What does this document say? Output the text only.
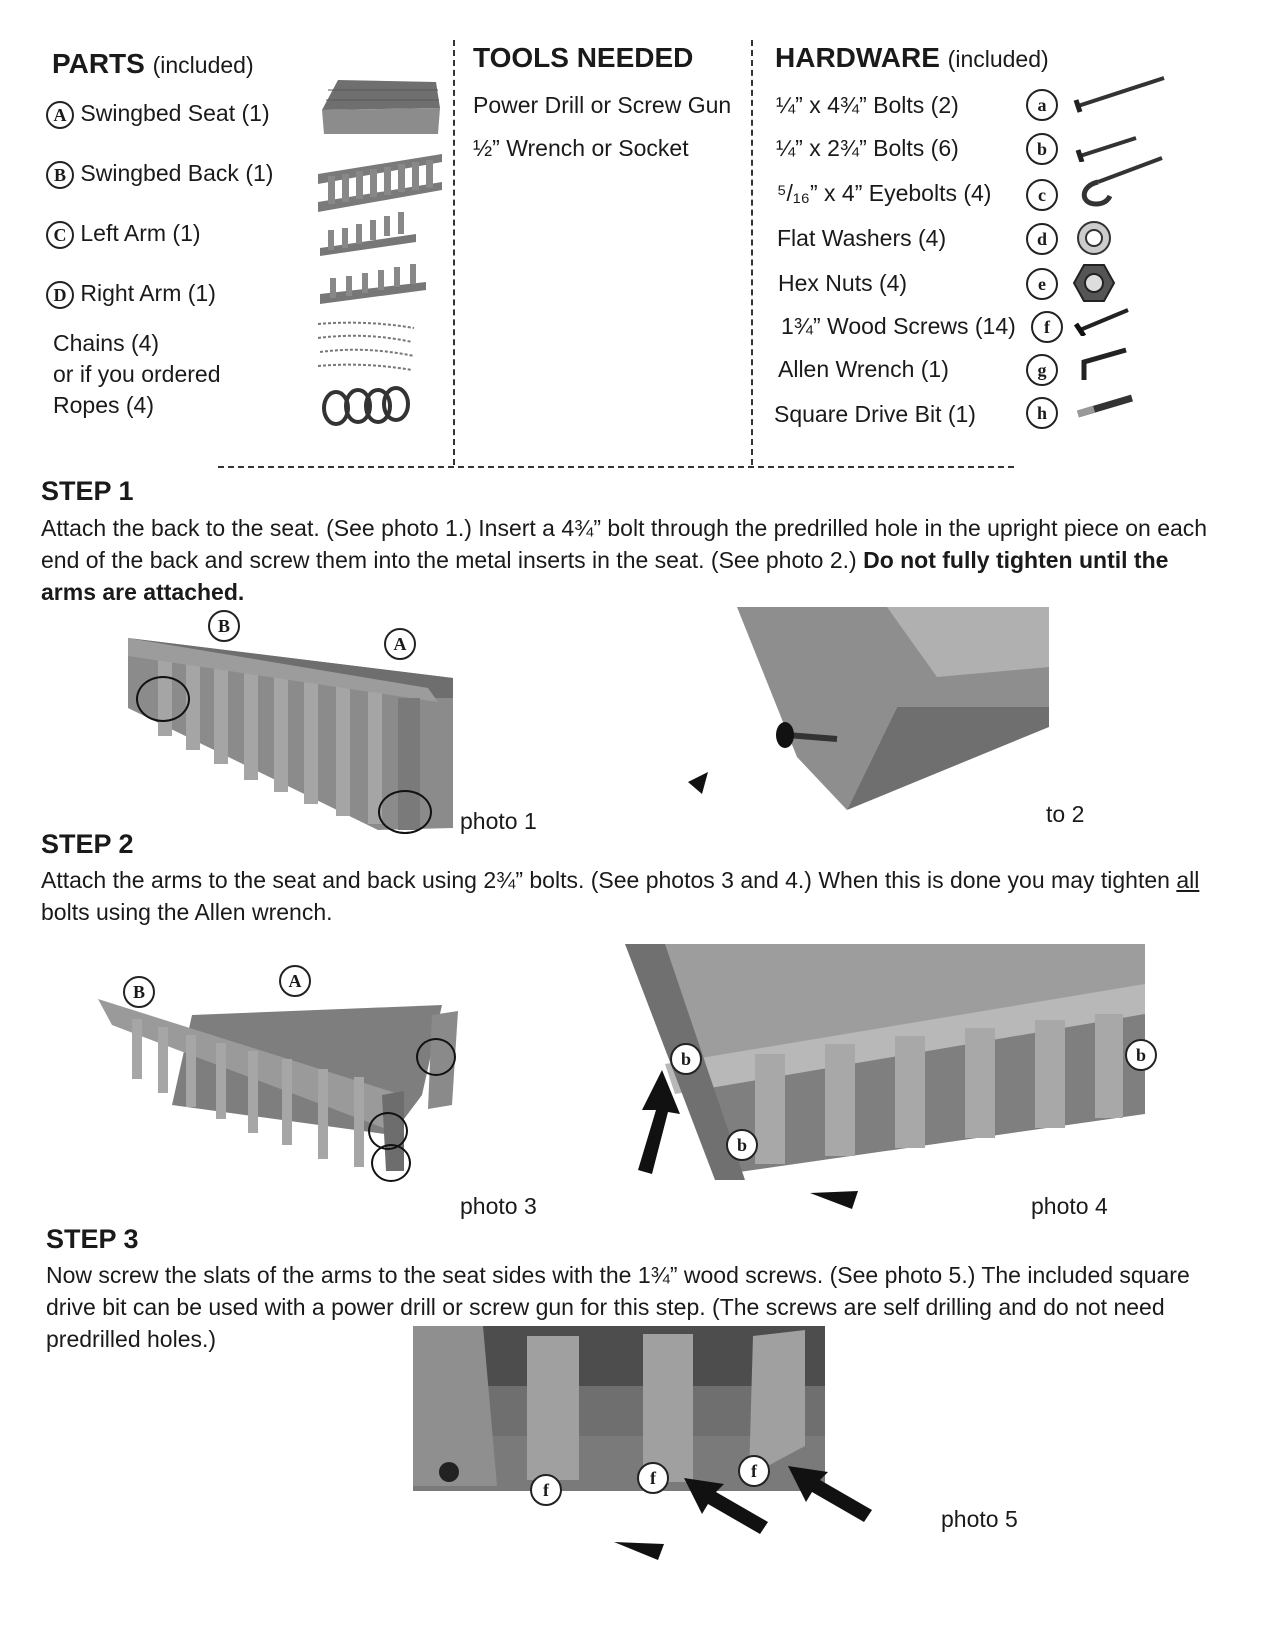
PARTS (included)
A Swingbed Seat (1)
B Swingbed Back (1)
C Left Arm (1)
D Right Arm (1)
Chains (4)
or if you ordered
Ropes (4)
TOOLS NEEDED
Power Drill or Screw Gun
½” Wrench or Socket
HARDWARE (included)
¼” x 4¾” Bolts (2)
¼” x 2¾” Bolts (6)
⁵/₁₆” x 4” Eyebolts (4)
Flat Washers (4)
Hex Nuts (4)
1¾” Wood Screws (14)
Allen Wrench (1)
Square Drive Bit (1)
a
b
c
d
e
f
g
h
STEP 1
Attach the back to the seat. (See photo 1.) Insert a 4¾” bolt through the predrilled hole in the upright piece on each end of the back and screw them into the metal inserts in the seat. (See photo 2.) Do not fully tighten until the arms are attached.
B
A
photo 1	to 2
STEP 2
Attach the arms to the seat and back using 2¾” bolts. (See photos 3 and 4.) When this is done you may tighten all bolts using the Allen wrench.
B
A
photo 3
b
b
b
photo 4
STEP 3
Now screw the slats of the arms to the seat sides with the 1¾” wood screws. (See photo 5.) The included square drive bit can be used with a power drill or screw gun for this step. (The screws are self drilling and do not need predrilled holes.)
f
f	f
photo 5
